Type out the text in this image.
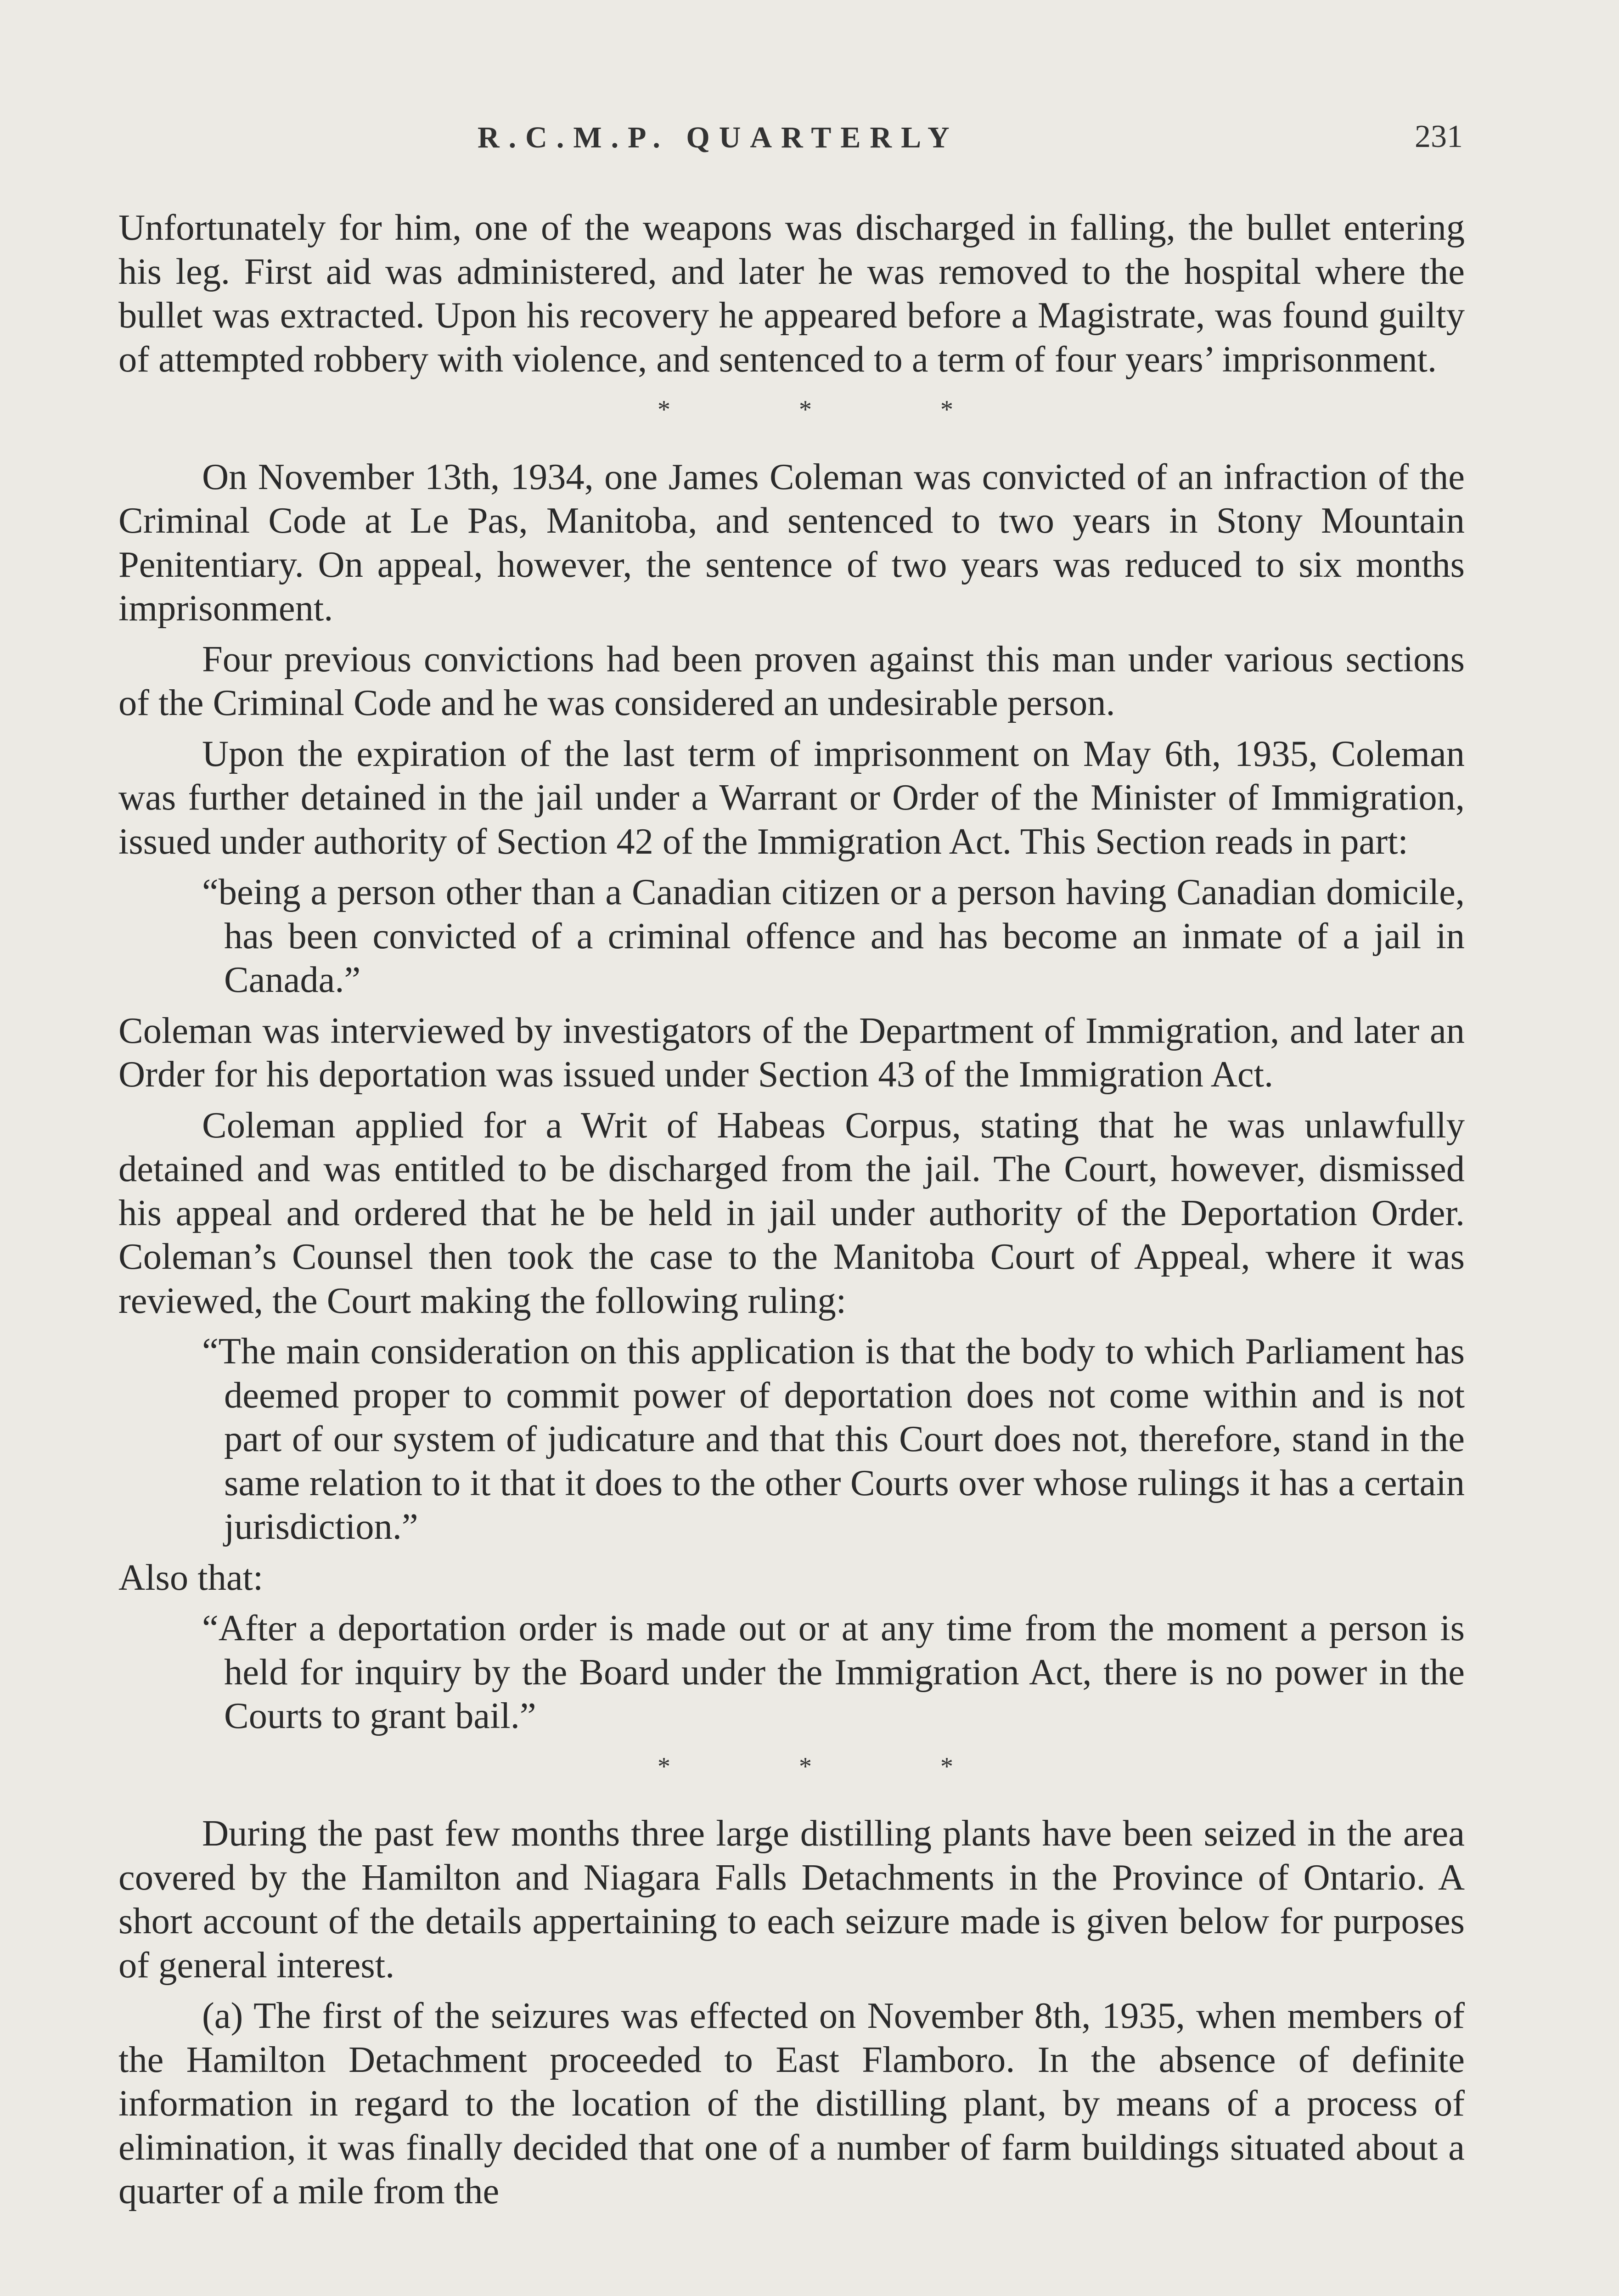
R.C.M.P. QUARTERLY	231

Unfortunately for him, one of the weapons was discharged in falling, the bullet entering his leg. First aid was administered, and later he was removed to the hospital where the bullet was extracted. Upon his recovery he appeared before a Magistrate, was found guilty of attempted robbery with violence, and sentenced to a term of four years’ imprisonment.

*	*	*

On November 13th, 1934, one James Coleman was convicted of an infraction of the Criminal Code at Le Pas, Manitoba, and sentenced to two years in Stony Mountain Penitentiary. On appeal, however, the sentence of two years was reduced to six months imprisonment.

Four previous convictions had been proven against this man under various sections of the Criminal Code and he was considered an undesirable person.

Upon the expiration of the last term of imprisonment on May 6th, 1935, Coleman was further detained in the jail under a Warrant or Order of the Minister of Immigration, issued under authority of Section 42 of the Immigration Act. This Section reads in part:

“being a person other than a Canadian citizen or a person having Canadian domicile, has been convicted of a criminal offence and has become an inmate of a jail in Canada.”

Coleman was interviewed by investigators of the Department of Immigration, and later an Order for his deportation was issued under Section 43 of the Immigration Act.

Coleman applied for a Writ of Habeas Corpus, stating that he was unlawfully detained and was entitled to be discharged from the jail. The Court, however, dismissed his appeal and ordered that he be held in jail under authority of the Deportation Order. Coleman’s Counsel then took the case to the Manitoba Court of Appeal, where it was reviewed, the Court making the following ruling:

“The main consideration on this application is that the body to which Parliament has deemed proper to commit power of deportation does not come within and is not part of our system of judicature and that this Court does not, therefore, stand in the same relation to it that it does to the other Courts over whose rulings it has a certain jurisdiction.”

Also that:

“After a deportation order is made out or at any time from the moment a person is held for inquiry by the Board under the Immigration Act, there is no power in the Courts to grant bail.”

*	*	*

During the past few months three large distilling plants have been seized in the area covered by the Hamilton and Niagara Falls Detachments in the Province of Ontario. A short account of the details appertaining to each seizure made is given below for purposes of general interest.

(a) The first of the seizures was effected on November 8th, 1935, when members of the Hamilton Detachment proceeded to East Flamboro. In the absence of definite information in regard to the location of the distilling plant, by means of a process of elimination, it was finally decided that one of a number of farm buildings situated about a quarter of a mile from the
